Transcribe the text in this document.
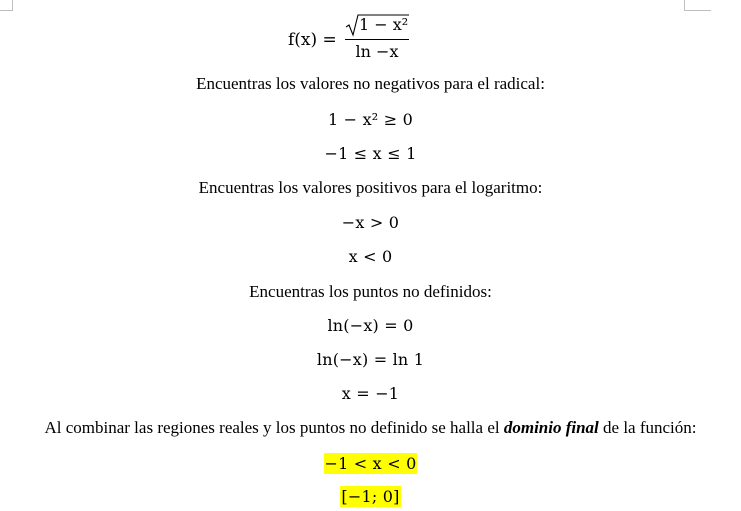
f(x) =
1 − x²
ln −x
Encuentras los valores no negativos para el radical:
1 − x² ≥ 0
−1 ≤ x ≤ 1
Encuentras los valores positivos para el logaritmo:
−x > 0
x < 0
Encuentras los puntos no definidos:
ln(−x) = 0
ln(−x) = ln 1
x = −1
Al combinar las regiones reales y los puntos no definido se halla el dominio final de la función:
−1 < x < 0
[−1; 0]
